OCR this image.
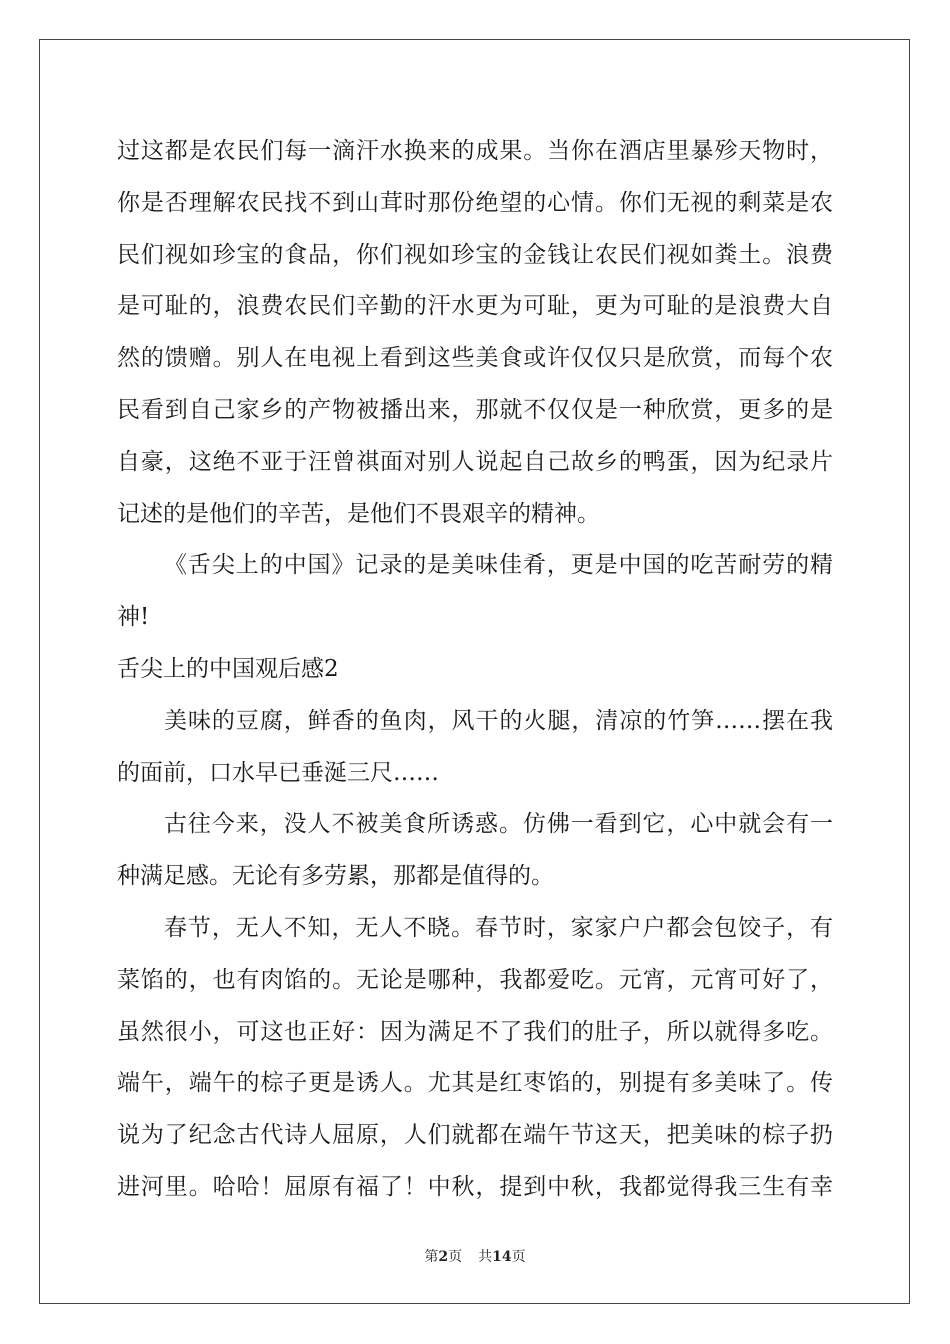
过这都是农民们每一滴汗水换来的成果。当你在酒店里暴殄天物时，
你是否理解农民找不到山茸时那份绝望的心情。你们无视的剩菜是农
民们视如珍宝的食品，你们视如珍宝的金钱让农民们视如粪土。浪费
是可耻的，浪费农民们辛勤的汗水更为可耻，更为可耻的是浪费大自
然的馈赠。别人在电视上看到这些美食或许仅仅只是欣赏，而每个农
民看到自己家乡的产物被播出来，那就不仅仅是一种欣赏，更多的是
自豪，这绝不亚于汪曾祺面对别人说起自己故乡的鸭蛋，因为纪录片
记述的是他们的辛苦，是他们不畏艰辛的精神。
《舌尖上的中国》记录的是美味佳肴，更是中国的吃苦耐劳的精
神!
舌尖上的中国观后感2
美味的豆腐，鲜香的鱼肉，风干的火腿，清凉的竹笋……摆在我
的面前，口水早已垂涎三尺……
古往今来，没人不被美食所诱惑。仿佛一看到它，心中就会有一
种满足感。无论有多劳累，那都是值得的。
春节，无人不知，无人不晓。春节时，家家户户都会包饺子，有
菜馅的，也有肉馅的。无论是哪种，我都爱吃。元宵，元宵可好了，
虽然很小，可这也正好：因为满足不了我们的肚子，所以就得多吃。
端午，端午的棕子更是诱人。尤其是红枣馅的，别提有多美味了。传
说为了纪念古代诗人屈原，人们就都在端午节这天，把美味的棕子扔
进河里。哈哈！屈原有福了！中秋，提到中秋，我都觉得我三生有幸
第2页 共14页
